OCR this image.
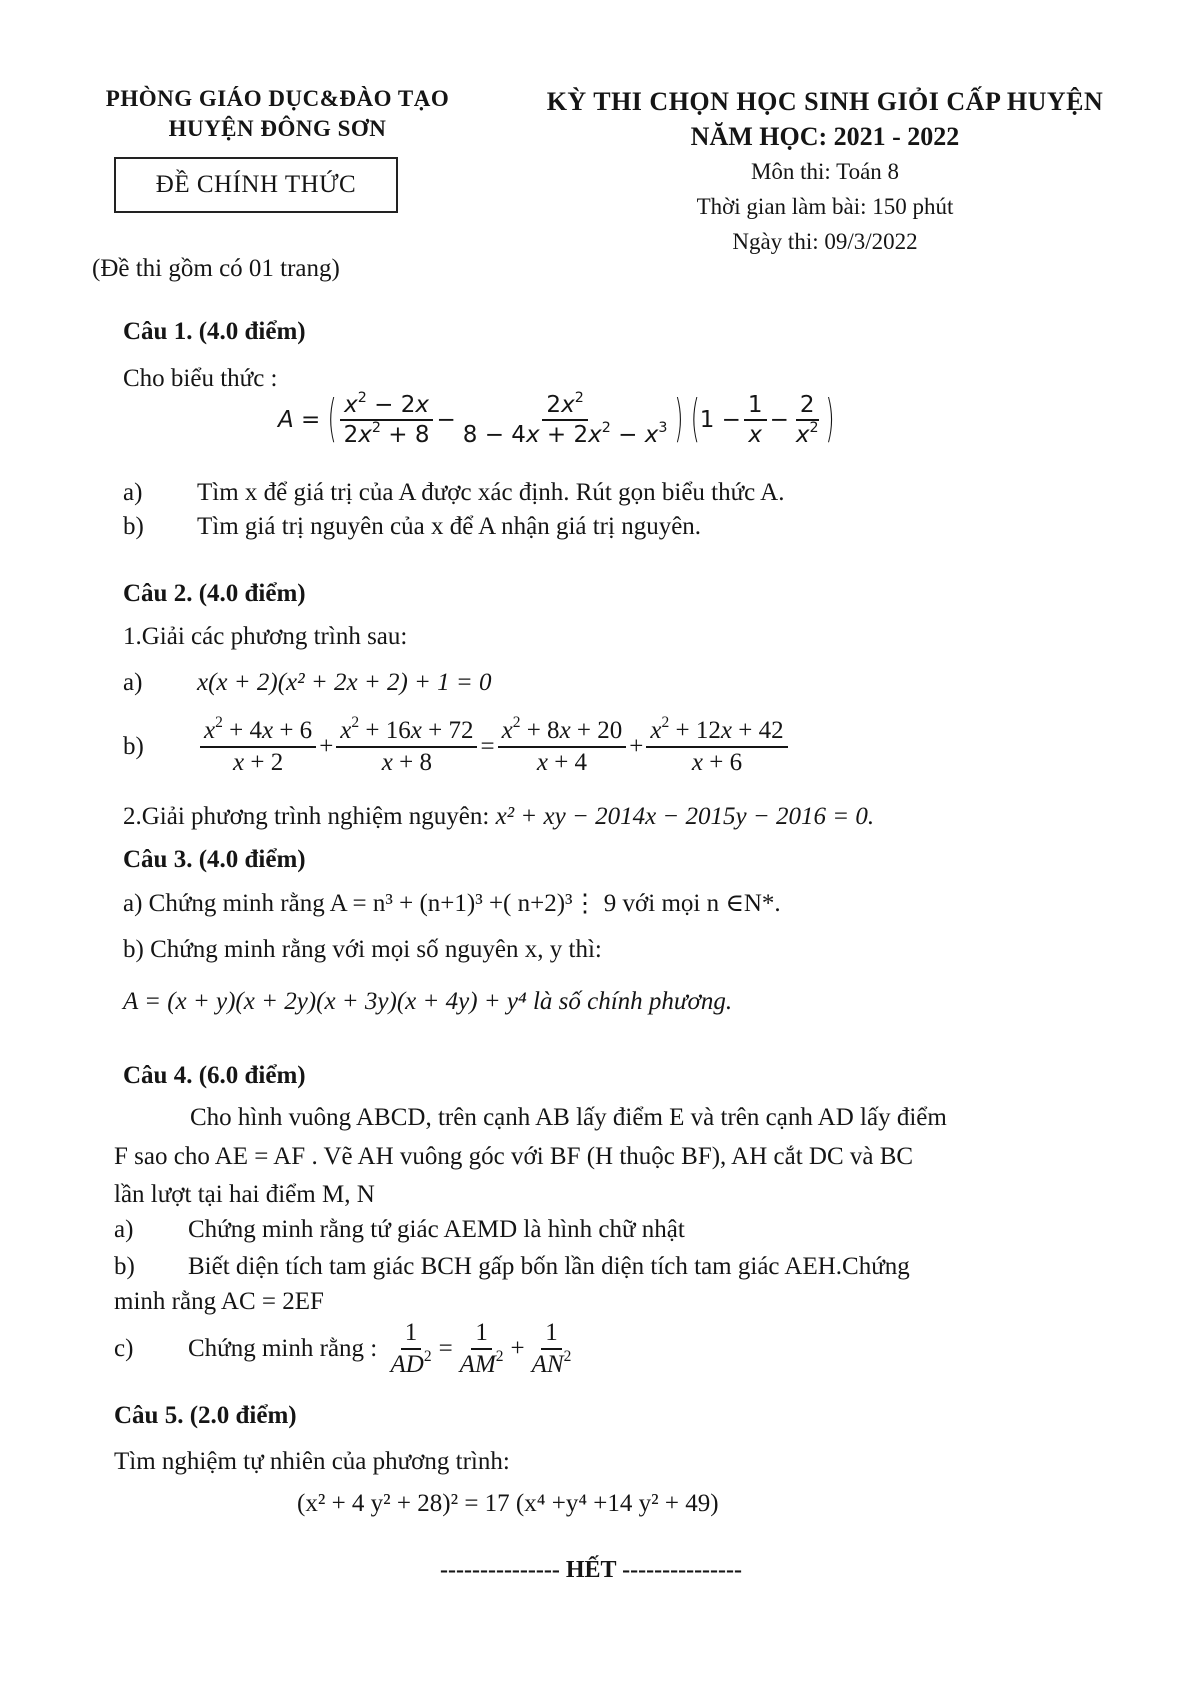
PHÒNG GIÁO DỤC&ĐÀO TẠO
HUYỆN ĐÔNG SƠN
ĐỀ CHÍNH THỨC
(Đề thi gồm có 01 trang)
KỲ THI CHỌN HỌC SINH GIỎI CẤP HUYỆN
NĂM HỌC: 2021 - 2022
Môn thi: Toán 8
Thời gian làm bài: 150 phút
Ngày thi: 09/3/2022
Câu 1. (4.0 điểm)
Cho biểu thức :
A = ( $\frac{x^2 - 2x}{2x^2 + 8} - \frac{2x^2}{8 - 4x + 2x^2 - x^3}$ )
( $1 - \frac{1}{x} - \frac{2}{x^2}$ )
a) Tìm x để giá trị của A được xác định. Rút gọn biểu thức A.
b) Tìm giá trị nguyên của x để A nhận giá trị nguyên.
Câu 2. (4.0 điểm)
1.Giải các phương trình sau:
a) x(x + 2)(x² + 2x + 2) + 1 = 0
b)	$\frac{x^2 + 4x + 6}{x + 2} + \frac{x^2 + 16x + 72}{x + 8} = \frac{x^2 + 8x + 20}{x + 4} + \frac{x^2 + 12x + 42}{x + 6}$
2.Giải phương trình nghiệm nguyên: x² + xy − 2014x − 2015y − 2016 = 0.
Câu 3. (4.0 điểm)
a) Chứng minh rằng A = n³ + (n+1)³ +( n+2)³⋮ 9 với mọi n ∈N*.
b) Chứng minh rằng với mọi số nguyên x, y thì:
A = (x + y)(x + 2y)(x + 3y)(x + 4y) + y⁴ là số chính phương.
Câu 4. (6.0 điểm)
Cho hình vuông ABCD, trên cạnh AB lấy điểm E và trên cạnh AD lấy điểm
F sao cho AE = AF . Vẽ AH vuông góc với BF (H thuộc BF), AH cắt DC và BC
lần lượt tại hai điểm M, N
a) Chứng minh rằng tứ giác AEMD là hình chữ nhật
b) Biết diện tích tam giác BCH gấp bốn lần diện tích tam giác AEH.Chứng
minh rằng AC = 2EF
c)	Chứng minh rằng :
$\frac{1}{AD^2} = \frac{1}{AM^2} + \frac{1}{AN^2}$
Câu 5. (2.0 điểm)
Tìm nghiệm tự nhiên của phương trình:
(x² + 4 y² + 28)² = 17 (x⁴ +y⁴ +14 y² + 49)
--------------- HẾT ---------------
